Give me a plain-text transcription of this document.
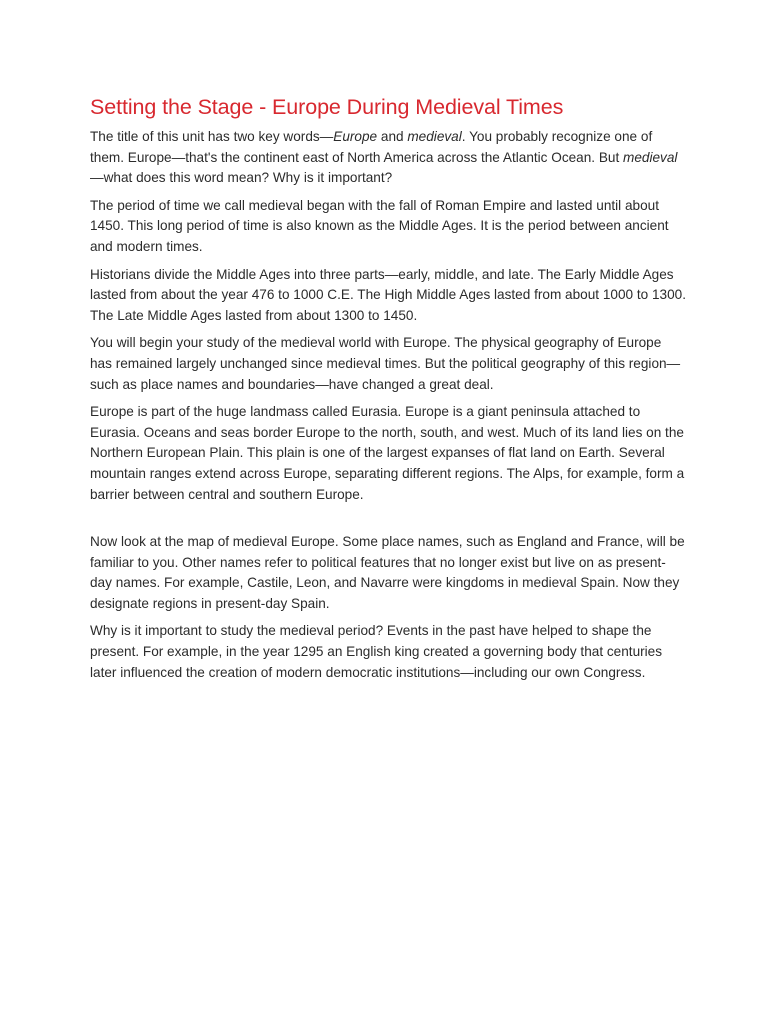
Setting the Stage - Europe During Medieval Times

The title of this unit has two key words—Europe and medieval. You probably recognize one of them. Europe—that's the continent east of North America across the Atlantic Ocean. But medieval—what does this word mean? Why is it important?

The period of time we call medieval began with the fall of Roman Empire and lasted until about 1450. This long period of time is also known as the Middle Ages. It is the period between ancient and modern times.

Historians divide the Middle Ages into three parts—early, middle, and late. The Early Middle Ages lasted from about the year 476 to 1000 C.E. The High Middle Ages lasted from about 1000 to 1300. The Late Middle Ages lasted from about 1300 to 1450.

You will begin your study of the medieval world with Europe. The physical geography of Europe has remained largely unchanged since medieval times. But the political geography of this region—such as place names and boundaries—have changed a great deal.

Europe is part of the huge landmass called Eurasia. Europe is a giant peninsula attached to Eurasia. Oceans and seas border Europe to the north, south, and west. Much of its land lies on the Northern European Plain. This plain is one of the largest expanses of flat land on Earth. Several mountain ranges extend across Europe, separating different regions. The Alps, for example, form a barrier between central and southern Europe.

Now look at the map of medieval Europe. Some place names, such as England and France, will be familiar to you. Other names refer to political features that no longer exist but live on as present-day names. For example, Castile, Leon, and Navarre were kingdoms in medieval Spain. Now they designate regions in present-day Spain.

Why is it important to study the medieval period? Events in the past have helped to shape the present. For example, in the year 1295 an English king created a governing body that centuries later influenced the creation of modern democratic institutions—including our own Congress.
